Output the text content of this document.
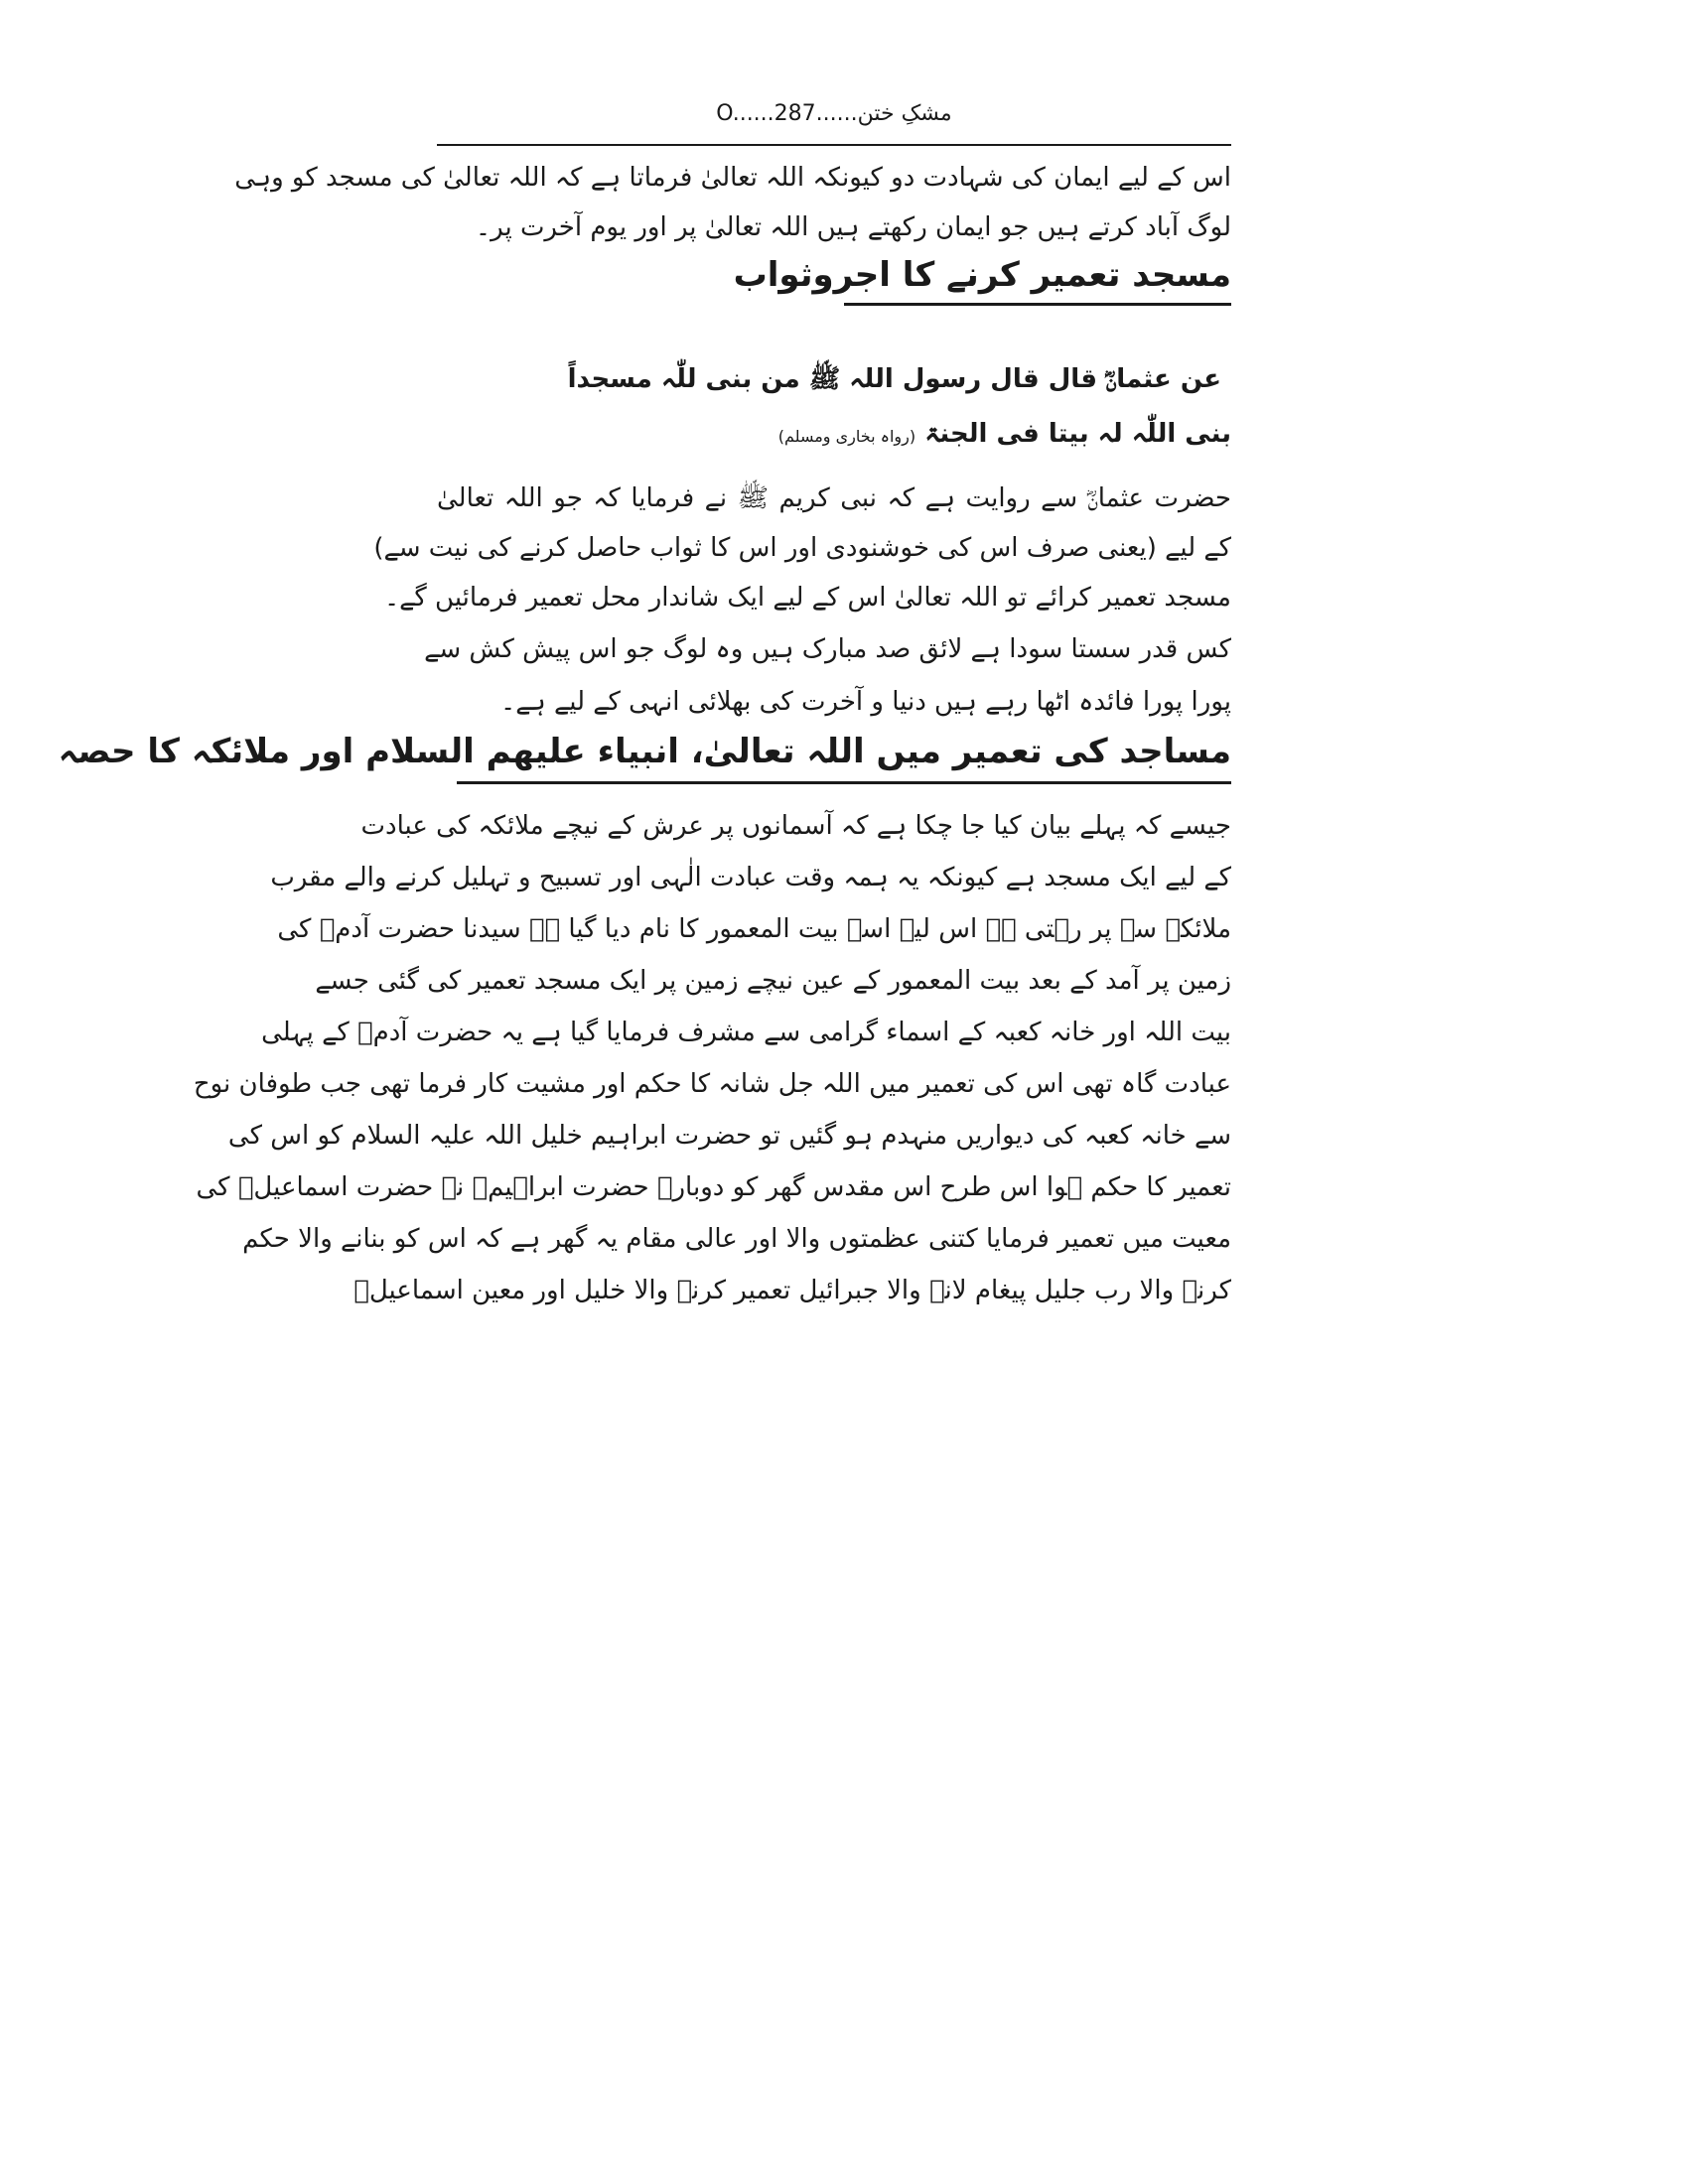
مشکِ ختن......O......287
اس کے لیے ایمان کی شہادت دو کیونکہ اللہ تعالیٰ فرماتا ہے کہ اللہ تعالیٰ کی مسجد کو وہی
لوگ آباد کرتے ہیں جو ایمان رکھتے ہیں اللہ تعالیٰ پر اور یوم آخرت پر۔
مسجد تعمیر کرنے کا اجروثواب
عن عثمانؓ قال قال رسول اللہ ﷺ من بنی للّٰہ مسجداً
بنی اللّٰہ لہ بیتا فی الجنۃ (رواہ بخاری ومسلم)
حضرت عثمانؓ سے روایت ہے کہ نبی کریم ﷺ نے فرمایا کہ جو اللہ تعالیٰ
کے لیے (یعنی صرف اس کی خوشنودی اور اس کا ثواب حاصل کرنے کی نیت سے)
مسجد تعمیر کرائے تو اللہ تعالیٰ اس کے لیے ایک شاندار محل تعمیر فرمائیں گے۔
کس قدر سستا سودا ہے لائق صد مبارک ہیں وہ لوگ جو اس پیش کش سے
پورا پورا فائدہ اٹھا رہے ہیں دنیا و آخرت کی بھلائی انہی کے لیے ہے۔
مساجد کی تعمیر میں اللہ تعالیٰ، انبیاء علیھم السلام اور ملائکہ کا حصہ
جیسے کہ پہلے بیان کیا جا چکا ہے کہ آسمانوں پر عرش کے نیچے ملائکہ کی عبادت
کے لیے ایک مسجد ہے کیونکہ یہ ہمہ وقت عبادت الٰہی اور تسبیح و تہلیل کرنے والے مقرب
ملائکہ سے پر رہتی ہے اس لیے اسے بیت المعمور کا نام دیا گیا ہے سیدنا حضرت آدمؑ کی
زمین پر آمد کے بعد بیت المعمور کے عین نیچے زمین پر ایک مسجد تعمیر کی گئی جسے
بیت اللہ اور خانہ کعبہ کے اسماء گرامی سے مشرف فرمایا گیا ہے یہ حضرت آدمؑ کے پہلی
عبادت گاہ تھی اس کی تعمیر میں اللہ جل شانہ کا حکم اور مشیت کار فرما تھی جب طوفان نوح
سے خانہ کعبہ کی دیواریں منہدم ہو گئیں تو حضرت ابراہیم خلیل اللہ علیہ السلام کو اس کی
تعمیر کا حکم ہوا اس طرح اس مقدس گھر کو دوبارہ حضرت ابراہیمؑ نے حضرت اسماعیلؑ کی
معیت میں تعمیر فرمایا کتنی عظمتوں والا اور عالی مقام یہ گھر ہے کہ اس کو بنانے والا حکم
کرنے والا رب جلیل پیغام لانے والا جبرائیل تعمیر کرنے والا خلیل اور معین اسماعیلؑ
